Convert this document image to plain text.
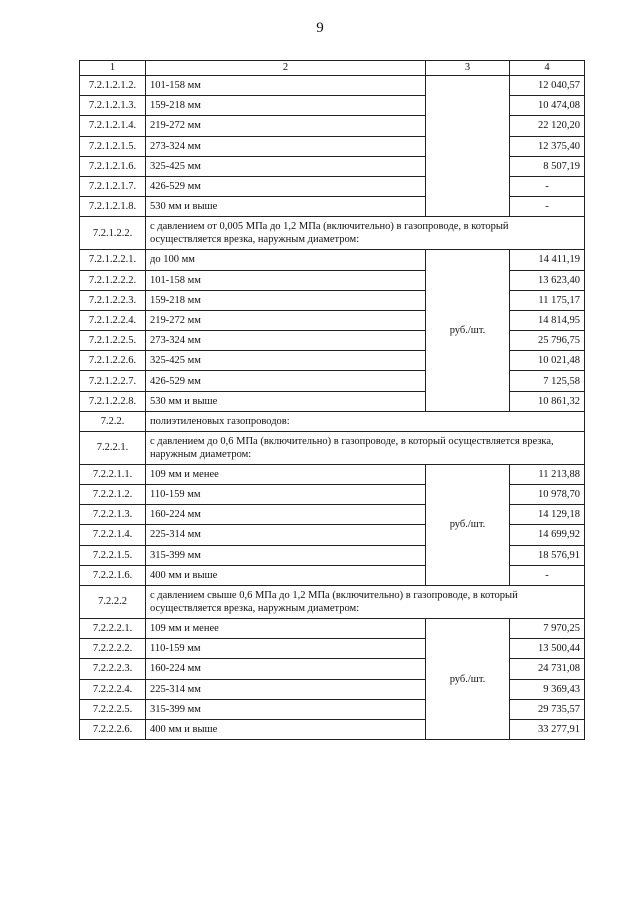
9
1	2	3	4
7.2.1.2.1.2.	101-158 мм		12 040,57
7.2.1.2.1.3.	159-218 мм		10 474,08
7.2.1.2.1.4.	219-272 мм		22 120,20
7.2.1.2.1.5.	273-324 мм		12 375,40
7.2.1.2.1.6.	325-425 мм		8 507,19
7.2.1.2.1.7.	426-529 мм		-
7.2.1.2.1.8.	530 мм и выше		-
7.2.1.2.2.	с давлением от 0,005 МПа до 1,2 МПа (включительно) в газопроводе, в который осуществляется врезка, наружным диаметром:		
7.2.1.2.2.1.	до 100 мм	руб./шт.	14 411,19
7.2.1.2.2.2.	101-158 мм		13 623,40
7.2.1.2.2.3.	159-218 мм		11 175,17
7.2.1.2.2.4.	219-272 мм		14 814,95
7.2.1.2.2.5.	273-324 мм		25 796,75
7.2.1.2.2.6.	325-425 мм		10 021,48
7.2.1.2.2.7.	426-529 мм		7 125,58
7.2.1.2.2.8.	530 мм и выше		10 861,32
7.2.2.	полиэтиленовых газопроводов:		
7.2.2.1.	с давлением до 0,6 МПа (включительно) в газопроводе, в который осуществляется врезка, наружным диаметром:		
7.2.2.1.1.	109 мм и менее	руб./шт.	11 213,88
7.2.2.1.2.	110-159 мм		10 978,70
7.2.2.1.3.	160-224 мм		14 129,18
7.2.2.1.4.	225-314 мм		14 699,92
7.2.2.1.5.	315-399 мм		18 576,91
7.2.2.1.6.	400 мм и выше		-
7.2.2.2	с давлением свыше 0,6 МПа до 1,2 МПа (включительно) в газопроводе, в который осуществляется врезка, наружным диаметром:		
7.2.2.2.1.	109 мм и менее	руб./шт.	7 970,25
7.2.2.2.2.	110-159 мм		13 500,44
7.2.2.2.3.	160-224 мм		24 731,08
7.2.2.2.4.	225-314 мм		9 369,43
7.2.2.2.5.	315-399 мм		29 735,57
7.2.2.2.6.	400 мм и выше		33 277,91
